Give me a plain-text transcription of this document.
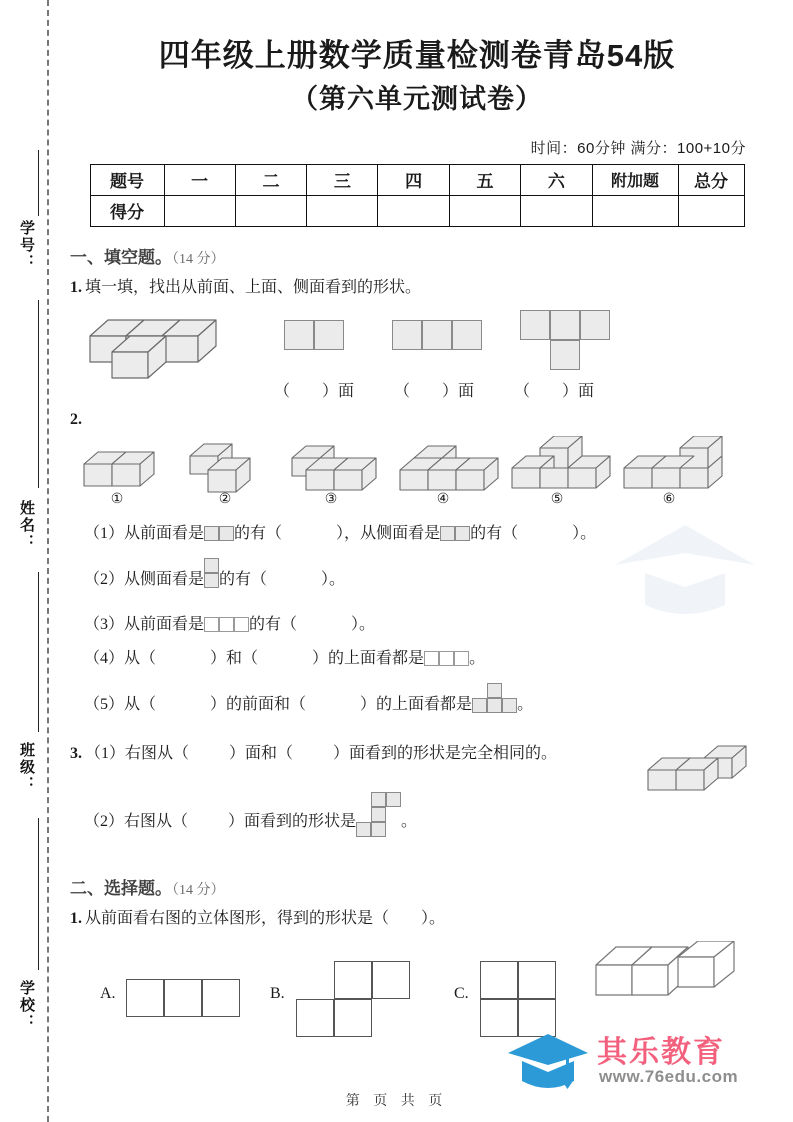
学号：
姓名：
班级：
学校：
四年级上册数学质量检测卷青岛54版
（第六单元测试卷）
时间：60分钟 满分：100+10分
题号	一	二	三	四	五	六	附加题	总分
得分								
一、填空题。（14 分）
1. 填一填，找出从前面、上面、侧面看到的形状。
（　　）面 （　　）面 （　　）面
2.
①	②	③	④	⑤	⑥
（1） 从前面看是 的有（	）， 从侧面看是 的有（	）。
（2） 从侧面看是 的有（	）。
（3） 从前面看是	的有（	）。
（4） 从（	）和（	）的上面看都是	。
（5） 从（	）的前面和（	）的上面看都是	。
3. （1） 右图从（	）面和（	）面看到的形状是完全相同的。
（2） 右图从（	）面看到的形状是	。
二、选择题。（14 分）
1. 从前面看右图的立体图形，得到的形状是（　　）。
A.	B.	C.
其乐教育
www.76edu.com
第 页 共 页
